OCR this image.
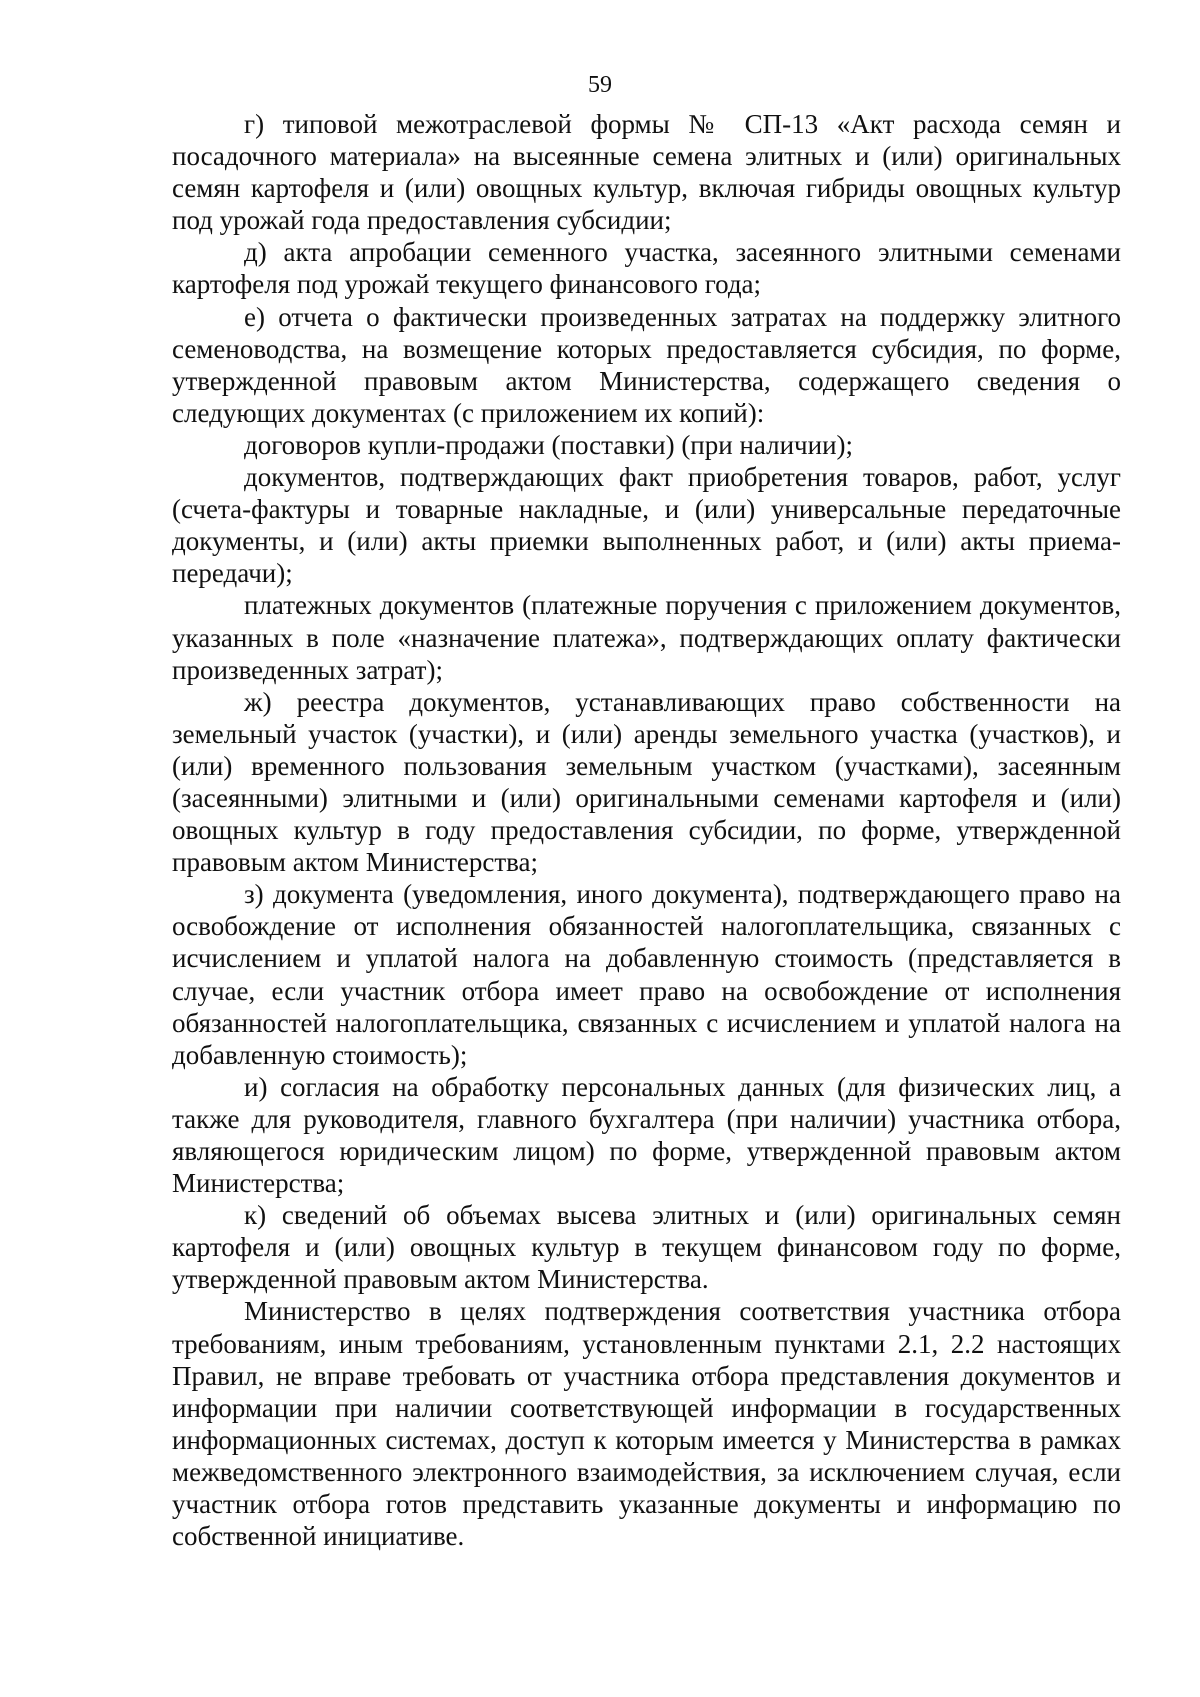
59

г) типовой межотраслевой формы № СП-13 «Акт расхода семян и посадочного материала» на высеянные семена элитных и (или) оригинальных семян картофеля и (или) овощных культур, включая гибриды овощных культур под урожай года предоставления субсидии;

д) акта апробации семенного участка, засеянного элитными семенами картофеля под урожай текущего финансового года;

е) отчета о фактически произведенных затратах на поддержку элитного семеноводства, на возмещение которых предоставляется субсидия, по форме, утвержденной правовым актом Министерства, содержащего сведения о следующих документах (с приложением их копий):

договоров купли-продажи (поставки) (при наличии);

документов, подтверждающих факт приобретения товаров, работ, услуг (счета-фактуры и товарные накладные, и (или) универсальные передаточные документы, и (или) акты приемки выполненных работ, и (или) акты приема-передачи);

платежных документов (платежные поручения с приложением документов, указанных в поле «назначение платежа», подтверждающих оплату фактически произведенных затрат);

ж) реестра документов, устанавливающих право собственности на земельный участок (участки), и (или) аренды земельного участка (участков), и (или) временного пользования земельным участком (участками), засеянным (засеянными) элитными и (или) оригинальными семенами картофеля и (или) овощных культур в году предоставления субсидии, по форме, утвержденной правовым актом Министерства;

з) документа (уведомления, иного документа), подтверждающего право на освобождение от исполнения обязанностей налогоплательщика, связанных с исчислением и уплатой налога на добавленную стоимость (представляется в случае, если участник отбора имеет право на освобождение от исполнения обязанностей налогоплательщика, связанных с исчислением и уплатой налога на добавленную стоимость);

и) согласия на обработку персональных данных (для физических лиц, а также для руководителя, главного бухгалтера (при наличии) участника отбора, являющегося юридическим лицом) по форме, утвержденной правовым актом Министерства;

к) сведений об объемах высева элитных и (или) оригинальных семян картофеля и (или) овощных культур в текущем финансовом году по форме, утвержденной правовым актом Министерства.

Министерство в целях подтверждения соответствия участника отбора требованиям, иным требованиям, установленным пунктами 2.1, 2.2 настоящих Правил, не вправе требовать от участника отбора представления документов и информации при наличии соответствующей информации в государственных информационных системах, доступ к которым имеется у Министерства в рамках межведомственного электронного взаимодействия, за исключением случая, если участник отбора готов представить указанные документы и информацию по собственной инициативе.
